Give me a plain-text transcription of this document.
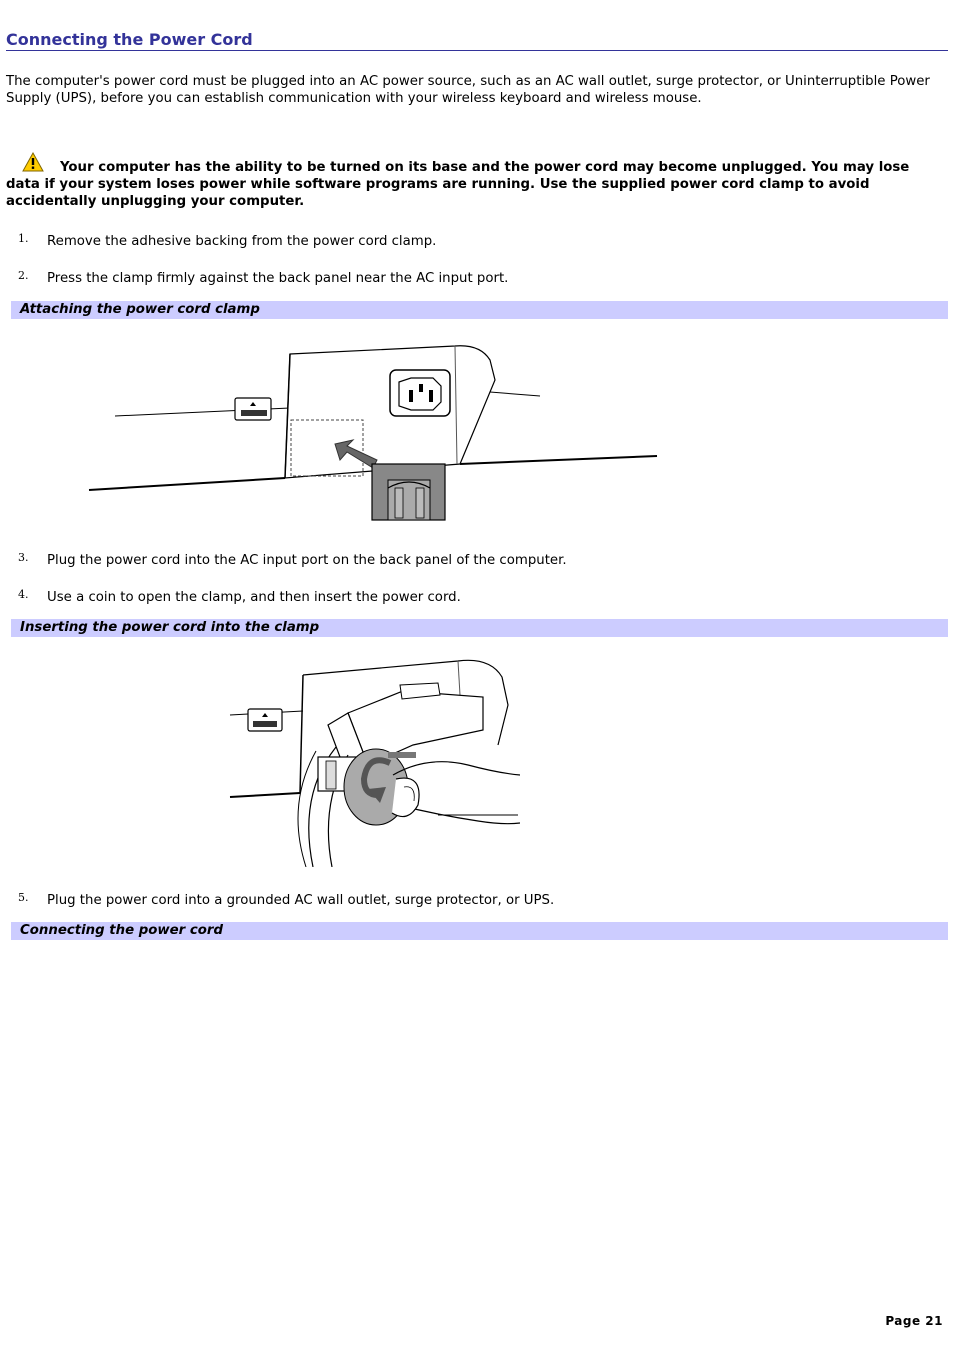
Connecting the Power Cord

The computer's power cord must be plugged into an AC power source, such as an AC wall outlet, surge protector, or Uninterruptible Power Supply (UPS), before you can establish communication with your wireless keyboard and wireless mouse.

Your computer has the ability to be turned on its base and the power cord may become unplugged. You may lose data if your system loses power while software programs are running. Use the supplied power cord clamp to avoid accidentally unplugging your computer.

1. Remove the adhesive backing from the power cord clamp.
2. Press the clamp firmly against the back panel near the AC input port.
Attaching the power cord clamp
3. Plug the power cord into the AC input port on the back panel of the computer.
4. Use a coin to open the clamp, and then insert the power cord.
Inserting the power cord into the clamp
5. Plug the power cord into a grounded AC wall outlet, surge protector, or UPS.
Connecting the power cord
Page 21
